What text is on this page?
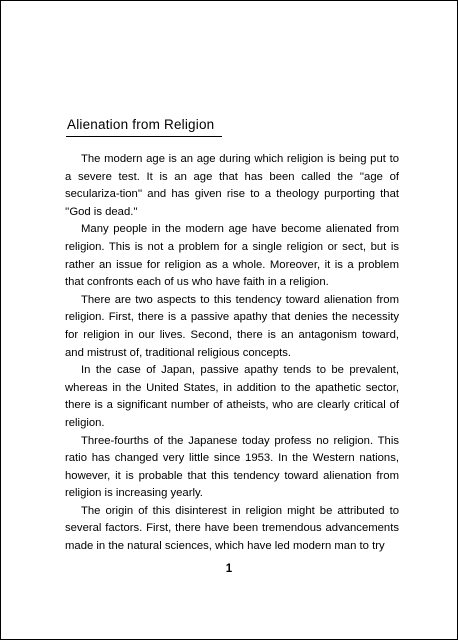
Alienation from Religion

The modern age is an age during which religion is being put to a severe test. It is an age that has been called the ''age of seculariza-tion'' and has given rise to a theology purporting that ''God is dead.''

Many people in the modern age have become alienated from religion. This is not a problem for a single religion or sect, but is rather an issue for religion as a whole. Moreover, it is a problem that confronts each of us who have faith in a religion.

There are two aspects to this tendency toward alienation from religion. First, there is a passive apathy that denies the necessity for religion in our lives. Second, there is an antagonism toward, and mistrust of, traditional religious concepts.

In the case of Japan, passive apathy tends to be prevalent, whereas in the United States, in addition to the apathetic sector, there is a significant number of atheists, who are clearly critical of religion.

Three-fourths of the Japanese today profess no religion. This ratio has changed very little since 1953. In the Western nations, however, it is probable that this tendency toward alienation from religion is increasing yearly.

The origin of this disinterest in religion might be attributed to several factors. First, there have been tremendous advancements made in the natural sciences, which have led modern man to try

1
